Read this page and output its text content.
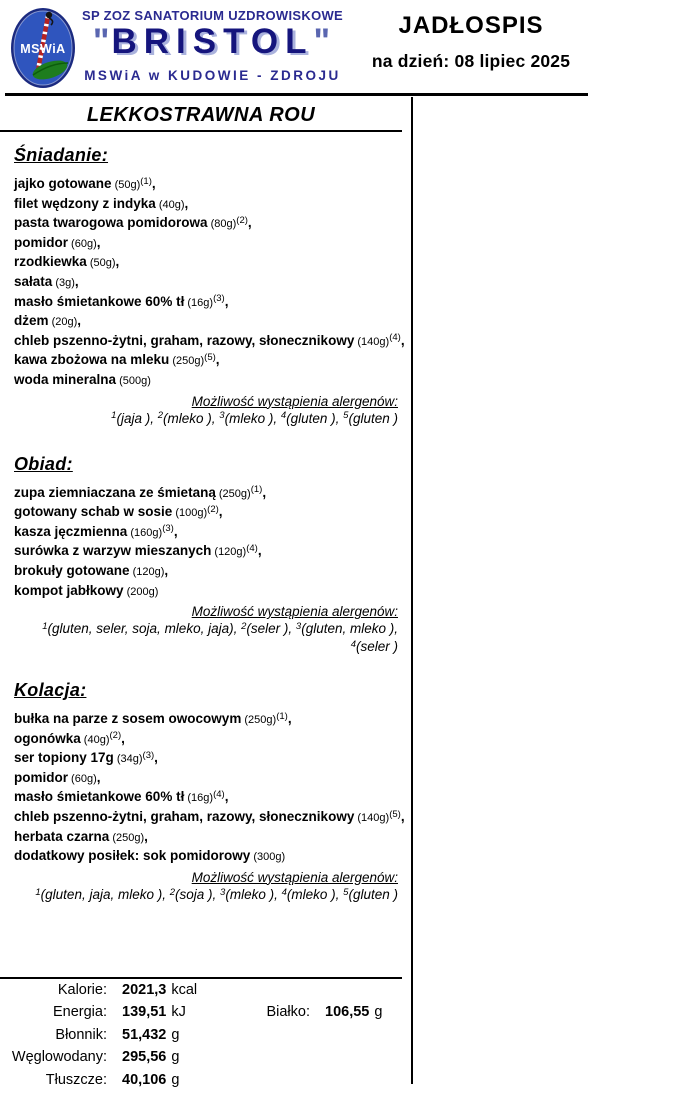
MSWiA
SP ZOZ SANATORIUM UZDROWISKOWE
"BRISTOL"
MSWiA w KUDOWIE - ZDROJU
JADŁOSPIS
na dzień: 08 lipiec 2025
LEKKOSTRAWNA ROU
Śniadanie:
jajko gotowane $(50g)^{(1)}$,
filet wędzony z indyka (40g),
pasta twarogowa pomidorowa $(80g)^{(2)}$,
pomidor (60g),
rzodkiewka (50g),
sałata (3g),
masło śmietankowe 60% tł $(16g)^{(3)}$,
dżem (20g),
chleb pszenno-żytni, graham, razowy, słonecznikowy $(140g)^{(4)}$,
kawa zbożowa na mleku $(250g)^{(5)}$,
woda mineralna (500g)
Możliwość wystąpienia alergenów:
$^1$(jaja ), $^2$(mleko ), $^3$(mleko ), $^4$(gluten ), $^5$(gluten )
Obiad:
zupa ziemniaczana ze śmietaną $(250g)^{(1)}$,
gotowany schab w sosie $(100g)^{(2)}$,
kasza jęczmienna $(160g)^{(3)}$,
surówka z warzyw mieszanych $(120g)^{(4)}$,
brokuły gotowane (120g),
kompot jabłkowy (200g)
Możliwość wystąpienia alergenów:
$^1$(gluten, seler, soja, mleko, jaja), $^2$(seler ), $^3$(gluten, mleko ), $^4$(seler )
Kolacja:
bułka na parze z sosem owocowym $(250g)^{(1)}$,
ogonówka $(40g)^{(2)}$,
ser topiony 17g $(34g)^{(3)}$,
pomidor (60g),
masło śmietankowe 60% tł $(16g)^{(4)}$,
chleb pszenno-żytni, graham, razowy, słonecznikowy $(140g)^{(5)}$,
herbata czarna (250g),
dodatkowy posiłek: sok pomidorowy (300g)
Możliwość wystąpienia alergenów:
$^1$(gluten, jaja, mleko ), $^2$(soja ), $^3$(mleko ), $^4$(mleko ), $^5$(gluten )
Kalorie: 2021,3 kcal
Energia: 139,51 kJ	Białko: 106,55 g
Błonnik: 51,432 g
Węglowodany: 295,56 g
Tłuszcze: 40,106 g
